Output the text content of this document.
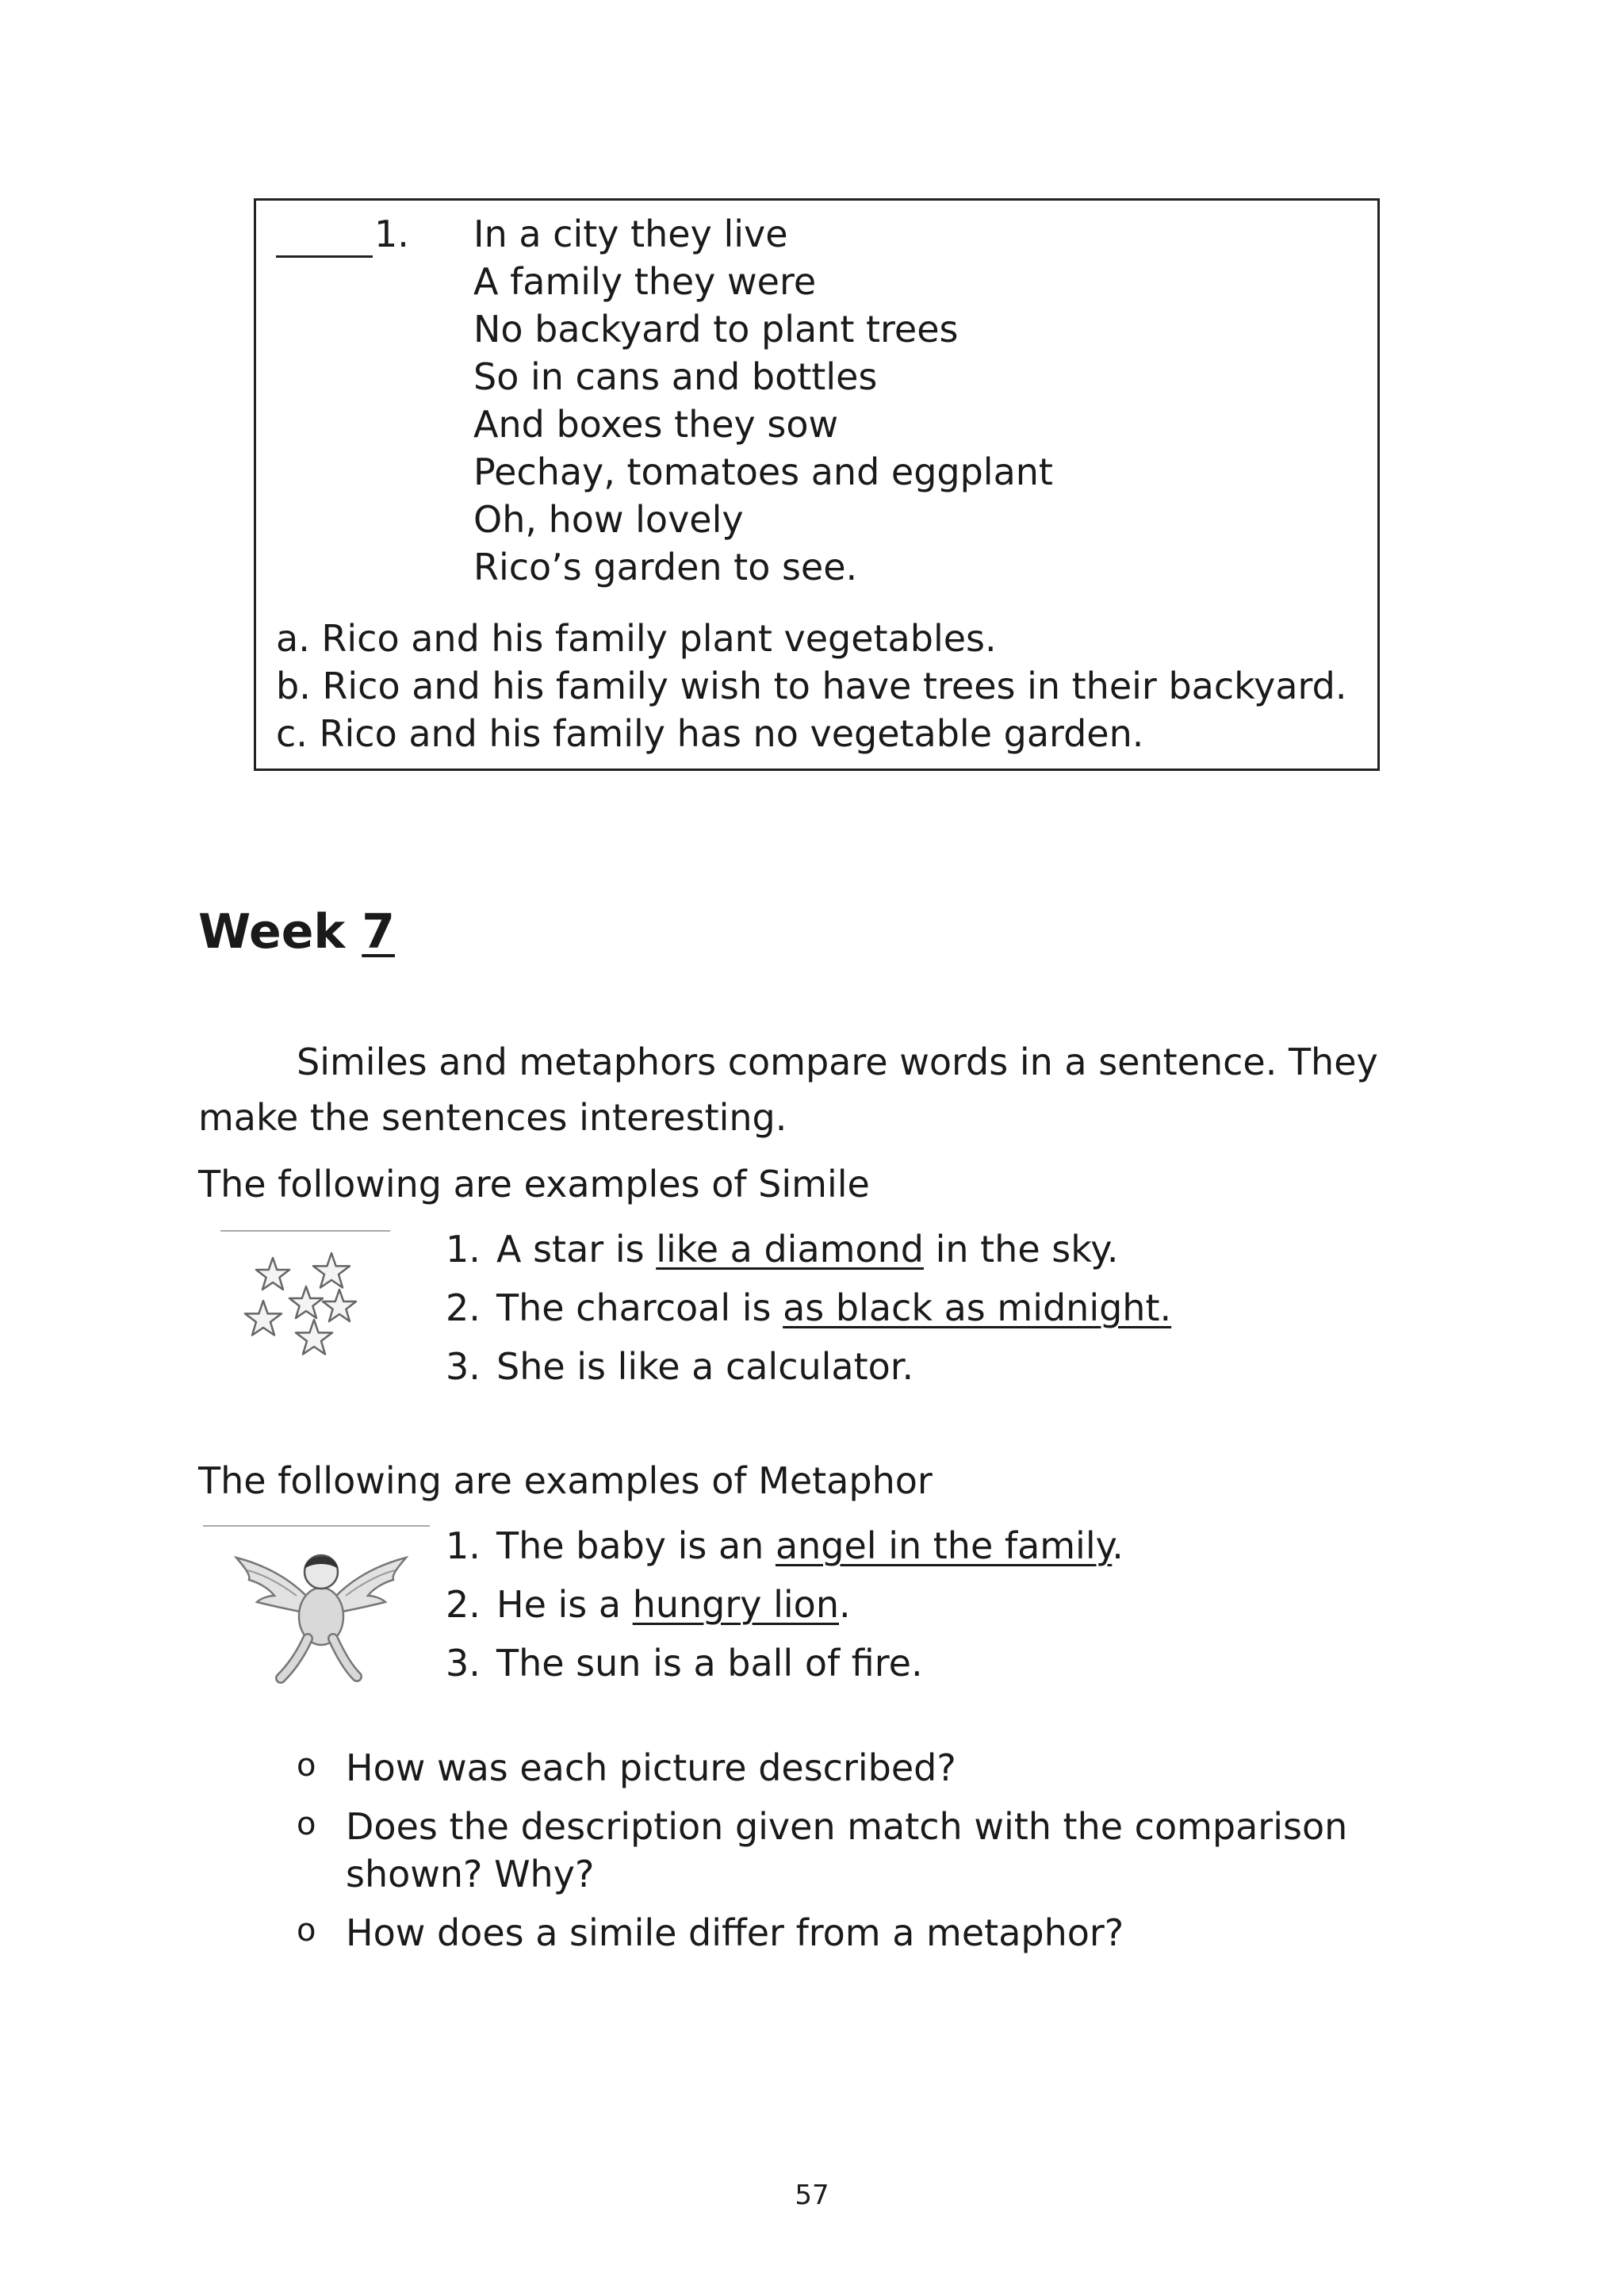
1. In a city they live
A family they were
No backyard to plant trees
So in cans and bottles
And boxes they sow
Pechay, tomatoes and eggplant
Oh, how lovely
Rico’s garden to see.
a. Rico and his family plant vegetables.
b. Rico and his family wish to have trees in their backyard.
c. Rico and his family has no vegetable garden.
Week 7
Similes and metaphors compare words in a sentence. They
make the sentences interesting.
The following are examples of Simile
1. A star is like a diamond in the sky.
2. The charcoal is as black as midnight.
3. She is like a calculator.
The following are examples of Metaphor
1. The baby is an angel in the family.
2. He is a hungry lion.
3. The sun is a ball of fire.
o How was each picture described?
o Does the description given match with the comparison
shown? Why?
o How does a simile differ from a metaphor?
57
